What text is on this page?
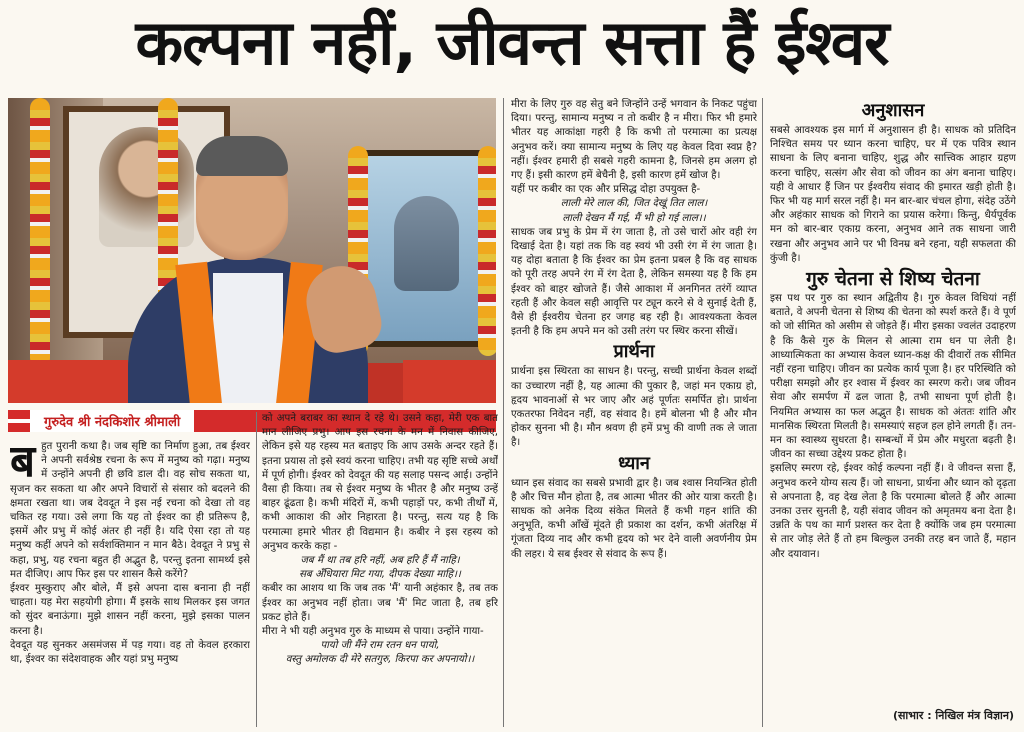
कल्पना नहीं, जीवन्त सत्ता हैं ईश्वर
गुरुदेव श्री नंदकिशोर श्रीमाली

बहुत पुरानी कथा है। जब सृष्टि का निर्माण हुआ, तब ईश्वर ने अपनी सर्वश्रेष्ठ रचना के रूप में मनुष्य को गढ़ा। मनुष्य में उन्होंने अपनी ही छवि डाल दी। वह सोच सकता था, सृजन कर सकता था और अपने विचारों से संसार को बदलने की क्षमता रखता था। जब देवदूत ने इस नई रचना को देखा तो वह चकित रह गया। उसे लगा कि यह तो ईश्वर का ही प्रतिरूप है, इसमें और प्रभु में कोई अंतर ही नहीं है। यदि ऐसा रहा तो यह मनुष्य कहीं अपने को सर्वशक्तिमान न मान बैठे। देवदूत ने प्रभु से कहा, प्रभु, यह रचना बहुत ही अद्भुत है, परन्तु इतना सामर्थ्य इसे मत दीजिए। आप फिर इस पर शासन कैसे करेंगे?

ईश्वर मुस्कुराए और बोले, मैं इसे अपना दास बनाना ही नहीं चाहता। यह मेरा सहयोगी होगा। मैं इसके साथ मिलकर इस जगत को सुंदर बनाऊंगा। मुझे शासन नहीं करना, मुझे इसका पालन करना है।

देवदूत यह सुनकर असमंजस में पड़ गया। वह तो केवल हरकारा था, ईश्वर का संदेशवाहक और यहां प्रभु मनुष्य

को अपने बराबर का स्थान दे रहे थे। उसने कहा, मेरी एक बात मान लीजिए प्रभु। आप इस रचना के मन में निवास कीजिए, लेकिन इसे यह रहस्य मत बताइए कि आप उसके अन्दर रहते हैं। इतना प्रयास तो इसे स्वयं करना चाहिए। तभी यह सृष्टि सच्चे अर्थों में पूर्ण होगी। ईश्वर को देवदूत की यह सलाह पसन्द आई। उन्होंने वैसा ही किया। तब से ईश्वर मनुष्य के भीतर है और मनुष्य उन्हें बाहर ढूंढता है। कभी मंदिरों में, कभी पहाड़ों पर, कभी तीर्थों में, कभी आकाश की ओर निहारता है। परन्तु, सत्य यह है कि परमात्मा हमारे भीतर ही विद्यमान है। कबीर ने इस रहस्य को अनुभव करके कहा -

जब मैं था तब हरि नहीं, अब हरि हैं मैं नाहि।

सब अँधियारा मिट गया, दीपक देख्या माहि।।

कबीर का आशय था कि जब तक 'मैं' यानी अहंकार है, तब तक ईश्वर का अनुभव नहीं होता। जब 'मैं' मिट जाता है, तब हरि प्रकट होते हैं।

मीरा ने भी यही अनुभव गुरु के माध्यम से पाया। उन्होंने गाया-

पायो जी मैंने राम रतन धन पायो,

वस्तु अमोलक दी मेरे सतगुरु, किरपा कर अपनायो।।

मीरा के लिए गुरु वह सेतु बने जिन्होंने उन्हें भगवान के निकट पहुंचा दिया। परन्तु, सामान्य मनुष्य न तो कबीर है न मीरा। फिर भी हमारे भीतर यह आकांक्षा गहरी है कि कभी तो परमात्मा का प्रत्यक्ष अनुभव करें। क्या सामान्य मनुष्य के लिए यह केवल दिवा स्वप्न है? नहीं। ईश्वर हमारी ही सबसे गहरी कामना है, जिनसे हम अलग हो गए हैं। इसी कारण हमें बेचैनी है, इसी कारण हमें खोज है।

यहीं पर कबीर का एक और प्रसिद्ध दोहा उपयुक्त है-

लाली मेरे लाल की, जित देखूं तित लाल।

लाली देखन मैं गई, मैं भी हो गई लाल।।

साधक जब प्रभु के प्रेम में रंग जाता है, तो उसे चारों ओर वही रंग दिखाई देता है। यहां तक कि वह स्वयं भी उसी रंग में रंग जाता है। यह दोहा बताता है कि ईश्वर का प्रेम इतना प्रबल है कि वह साधक को पूरी तरह अपने रंग में रंग देता है, लेकिन समस्या यह है कि हम ईश्वर को बाहर खोजते हैं। जैसे आकाश में अनगिनत तरंगें व्याप्त रहती हैं और केवल सही आवृत्ति पर ट्यून करने से वे सुनाई देती हैं, वैसे ही ईश्वरीय चेतना हर जगह बह रही है। आवश्यकता केवल इतनी है कि हम अपने मन को उसी तरंग पर स्थिर करना सीखें।

प्रार्थना

प्रार्थना इस स्थिरता का साधन है। परन्तु, सच्ची प्रार्थना केवल शब्दों का उच्चारण नहीं है, यह आत्मा की पुकार है, जहां मन एकाग्र हो, हृदय भावनाओं से भर जाए और अहं पूर्णतः समर्पित हो। प्रार्थना एकतरफा निवेदन नहीं, वह संवाद है। हमें बोलना भी है और मौन होकर सुनना भी है। मौन श्रवण ही हमें प्रभु की वाणी तक ले जाता है।

ध्यान

ध्यान इस संवाद का सबसे प्रभावी द्वार है। जब श्वास नियन्त्रित होती है और चित्त मौन होता है, तब आत्मा भीतर की ओर यात्रा करती है। साधक को अनेक दिव्य संकेत मिलते हैं कभी गहन शांति की अनुभूति, कभी आँखें मूंदते ही प्रकाश का दर्शन, कभी अंतरिक्ष में गूंजता दिव्य नाद और कभी हृदय को भर देने वाली अवर्णनीय प्रेम की लहर। ये सब ईश्वर से संवाद के रूप हैं।

अनुशासन

सबसे आवश्यक इस मार्ग में अनुशासन ही है। साधक को प्रतिदिन निश्चित समय पर ध्यान करना चाहिए, घर में एक पवित्र स्थान साधना के लिए बनाना चाहिए, शुद्ध और सात्त्विक आहार ग्रहण करना चाहिए, सत्संग और सेवा को जीवन का अंग बनाना चाहिए। यही वे आधार हैं जिन पर ईश्वरीय संवाद की इमारत खड़ी होती है। फिर भी यह मार्ग सरल नहीं है। मन बार-बार चंचल होगा, संदेह उठेंगे और अहंकार साधक को गिराने का प्रयास करेगा। किन्तु, धैर्यपूर्वक मन को बार-बार एकाग्र करना, अनुभव आने तक साधना जारी रखना और अनुभव आने पर भी विनम्र बने रहना, यही सफलता की कुंजी है।

गुरु चेतना से शिष्य चेतना

इस पथ पर गुरु का स्थान अद्वितीय है। गुरु केवल विधियां नहीं बताते, वे अपनी चेतना से शिष्य की चेतना को स्पर्श करते हैं। वे पूर्ण को जो सीमित को असीम से जोड़ते हैं। मीरा इसका ज्वलंत उदाहरण है कि कैसे गुरु के मिलन से आत्मा राम धन पा लेती है। आध्यात्मिकता का अभ्यास केवल ध्यान-कक्ष की दीवारों तक सीमित नहीं रहना चाहिए। जीवन का प्रत्येक कार्य पूजा है। हर परिस्थिति को परीक्षा समझो और हर श्वास में ईश्वर का स्मरण करो। जब जीवन सेवा और समर्पण में ढल जाता है, तभी साधना पूर्ण होती है। नियमित अभ्यास का फल अद्भुत है। साधक को अंततः शांति और मानसिक स्थिरता मिलती है। समस्याएं सहज हल होने लगती हैं। तन-मन का स्वास्थ्य सुधरता है। सम्बन्धों में प्रेम और मधुरता बढ़ती है। जीवन का सच्चा उद्देश्य प्रकट होता है।

इसलिए स्मरण रहे, ईश्वर कोई कल्पना नहीं हैं। वे जीवन्त सत्ता हैं, अनुभव करने योग्य सत्य हैं। जो साधना, प्रार्थना और ध्यान को दृढ़ता से अपनाता है, वह देख लेता है कि परमात्मा बोलते हैं और आत्मा उनका उत्तर सुनती है, यही संवाद जीवन को अमृतमय बना देता है। उन्नति के पथ का मार्ग प्रशस्त कर देता है क्योंकि जब हम परमात्मा से तार जोड़ लेते हैं तो हम बिल्कुल उनकी तरह बन जाते हैं, महान और दयावान।

(साभार : निखिल मंत्र विज्ञान)
